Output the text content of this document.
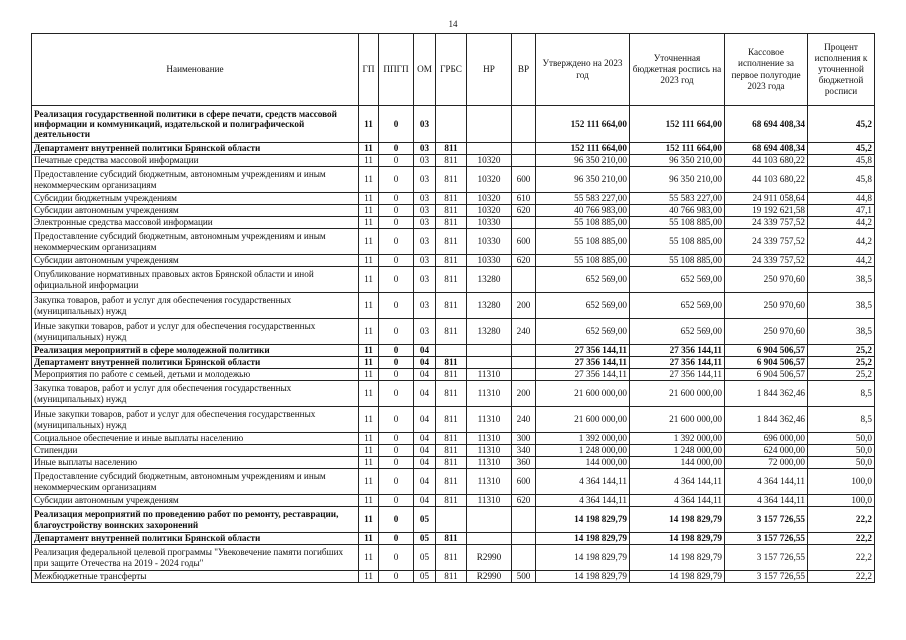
14
Наименование	ГП	ППГП	ОМ	ГРБС	НР	ВР	Утверждено на 2023 год	Уточненная бюджетная роспись на 2023 год	Кассовое исполнение за первое полугодие 2023 года	Процент исполнения к уточненной бюджетной росписи
Реализация государственной политики в сфере печати, средств массовой информации и коммуникаций, издательской и полиграфической деятельности	11	0	03				152 111 664,00	152 111 664,00	68 694 408,34	45,2
Департамент внутренней политики Брянской области	11	0	03	811			152 111 664,00	152 111 664,00	68 694 408,34	45,2
Печатные средства массовой информации	11	0	03	811	10320		96 350 210,00	96 350 210,00	44 103 680,22	45,8
Предоставление субсидий бюджетным, автономным учреждениям и иным некоммерческим организациям	11	0	03	811	10320	600	96 350 210,00	96 350 210,00	44 103 680,22	45,8
Субсидии бюджетным учреждениям	11	0	03	811	10320	610	55 583 227,00	55 583 227,00	24 911 058,64	44,8
Субсидии автономным учреждениям	11	0	03	811	10320	620	40 766 983,00	40 766 983,00	19 192 621,58	47,1
Электронные средства массовой информации	11	0	03	811	10330		55 108 885,00	55 108 885,00	24 339 757,52	44,2
Предоставление субсидий бюджетным, автономным учреждениям и иным некоммерческим организациям	11	0	03	811	10330	600	55 108 885,00	55 108 885,00	24 339 757,52	44,2
Субсидии автономным учреждениям	11	0	03	811	10330	620	55 108 885,00	55 108 885,00	24 339 757,52	44,2
Опубликование нормативных правовых актов Брянской области и иной официальной информации	11	0	03	811	13280		652 569,00	652 569,00	250 970,60	38,5
Закупка товаров, работ и услуг для обеспечения государственных (муниципальных) нужд	11	0	03	811	13280	200	652 569,00	652 569,00	250 970,60	38,5
Иные закупки товаров, работ и услуг для обеспечения государственных (муниципальных) нужд	11	0	03	811	13280	240	652 569,00	652 569,00	250 970,60	38,5
Реализация мероприятий в сфере молодежной политики	11	0	04				27 356 144,11	27 356 144,11	6 904 506,57	25,2
Департамент внутренней политики Брянской области	11	0	04	811			27 356 144,11	27 356 144,11	6 904 506,57	25,2
Мероприятия по работе с семьей, детьми и молодежью	11	0	04	811	11310		27 356 144,11	27 356 144,11	6 904 506,57	25,2
Закупка товаров, работ и услуг для обеспечения государственных (муниципальных) нужд	11	0	04	811	11310	200	21 600 000,00	21 600 000,00	1 844 362,46	8,5
Иные закупки товаров, работ и услуг для обеспечения государственных (муниципальных) нужд	11	0	04	811	11310	240	21 600 000,00	21 600 000,00	1 844 362,46	8,5
Социальное обеспечение и иные выплаты населению	11	0	04	811	11310	300	1 392 000,00	1 392 000,00	696 000,00	50,0
Стипендии	11	0	04	811	11310	340	1 248 000,00	1 248 000,00	624 000,00	50,0
Иные выплаты населению	11	0	04	811	11310	360	144 000,00	144 000,00	72 000,00	50,0
Предоставление субсидий бюджетным, автономным учреждениям и иным некоммерческим организациям	11	0	04	811	11310	600	4 364 144,11	4 364 144,11	4 364 144,11	100,0
Субсидии автономным учреждениям	11	0	04	811	11310	620	4 364 144,11	4 364 144,11	4 364 144,11	100,0
Реализация мероприятий по проведению работ по ремонту, реставрации, благоустройству воинских захоронений	11	0	05				14 198 829,79	14 198 829,79	3 157 726,55	22,2
Департамент внутренней политики Брянской области	11	0	05	811			14 198 829,79	14 198 829,79	3 157 726,55	22,2
Реализация федеральной целевой программы "Увековечение памяти погибших при защите Отечества на 2019 - 2024 годы"	11	0	05	811	R2990		14 198 829,79	14 198 829,79	3 157 726,55	22,2
Межбюджетные трансферты	11	0	05	811	R2990	500	14 198 829,79	14 198 829,79	3 157 726,55	22,2
